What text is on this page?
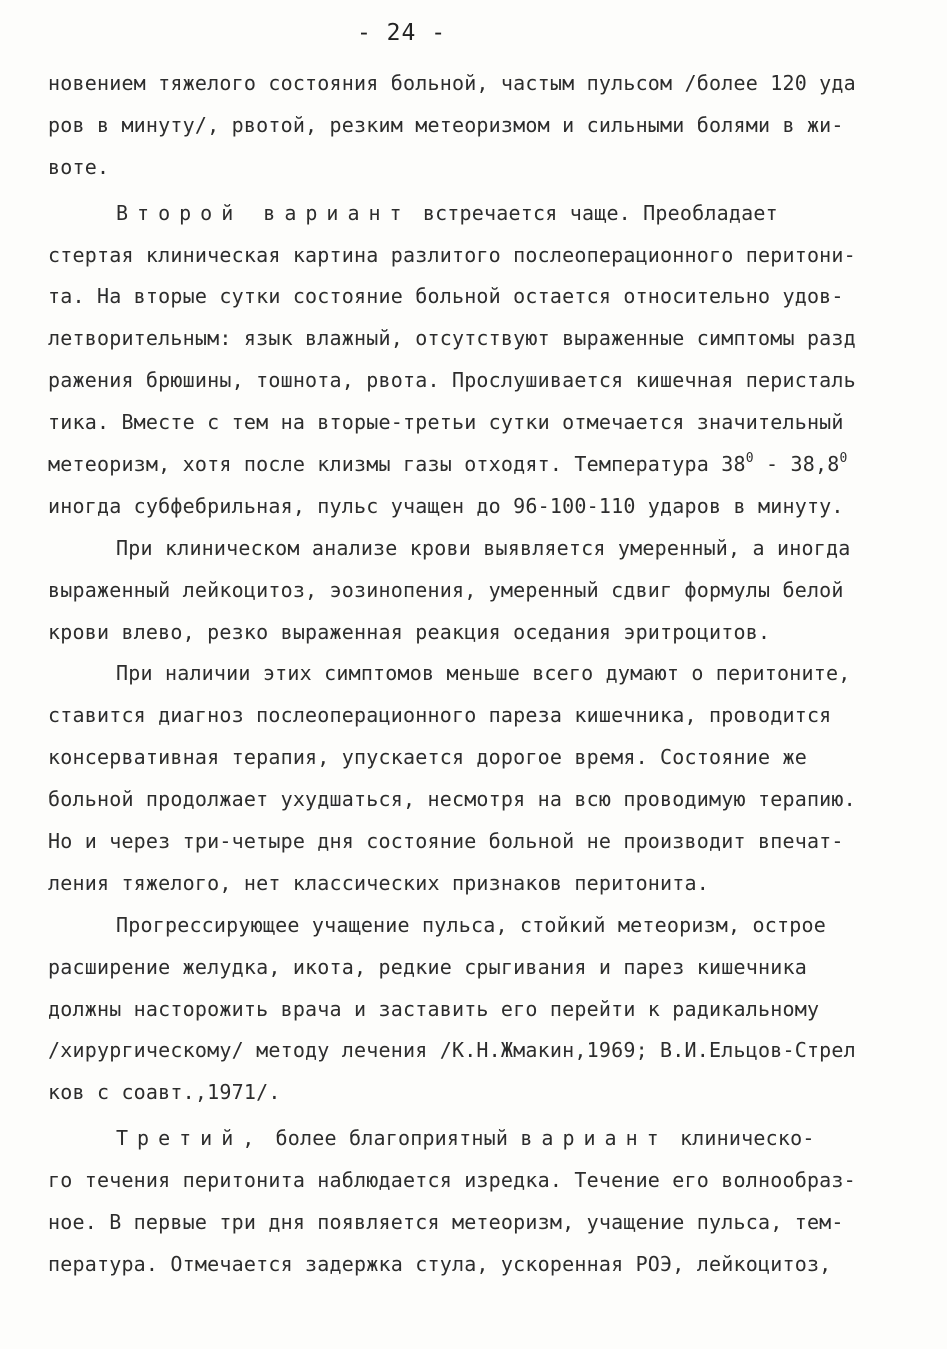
- 24 -
новением тяжелого состояния больной, частым пульсом /более 120 уда
ров в минуту/, рвотой, резким метеоризмом и сильными болями в жи-
воте.
Второй вариант встречается чаще. Преобладает
стертая клиническая картина разлитого послеоперационного перитони-
та. На вторые сутки состояние больной остается относительно удов-
летворительным: язык влажный, отсутствуют выраженные симптомы разд
ражения брюшины, тошнота, рвота. Прослушивается кишечная перисталь
тика. Вместе с тем на вторые-третьи сутки отмечается значительный
метеоризм, хотя после клизмы газы отходят. Температура $38^0 - 38,8^0$
иногда субфебрильная, пульс учащен до 96-100-110 ударов в минуту.
При клиническом анализе крови выявляется умеренный, а иногда
выраженный лейкоцитоз, эозинопения, умеренный сдвиг формулы белой
крови влево, резко выраженная реакция оседания эритроцитов.
При наличии этих симптомов меньше всего думают о перитоните,
ставится диагноз послеоперационного пареза кишечника, проводится
консервативная терапия, упускается дорогое время. Состояние же
больной продолжает ухудшаться, несмотря на всю проводимую терапию.
Но и через три-четыре дня состояние больной не производит впечат-
ления тяжелого, нет классических признаков перитонита.
Прогрессирующее учащение пульса, стойкий метеоризм, острое
расширение желудка, икота, редкие срыгивания и парез кишечника
должны насторожить врача и заставить его перейти к радикальному
/хирургическому/ методу лечения /К.Н.Жмакин,1969; В.И.Ельцов-Стрел
ков с соавт.,1971/.
Третий, более благоприятный вариант клиническо-
го течения перитонита наблюдается изредка. Течение его волнообраз-
ное. В первые три дня появляется метеоризм, учащение пульса, тем-
пература. Отмечается задержка стула, ускоренная РОЭ, лейкоцитоз,
